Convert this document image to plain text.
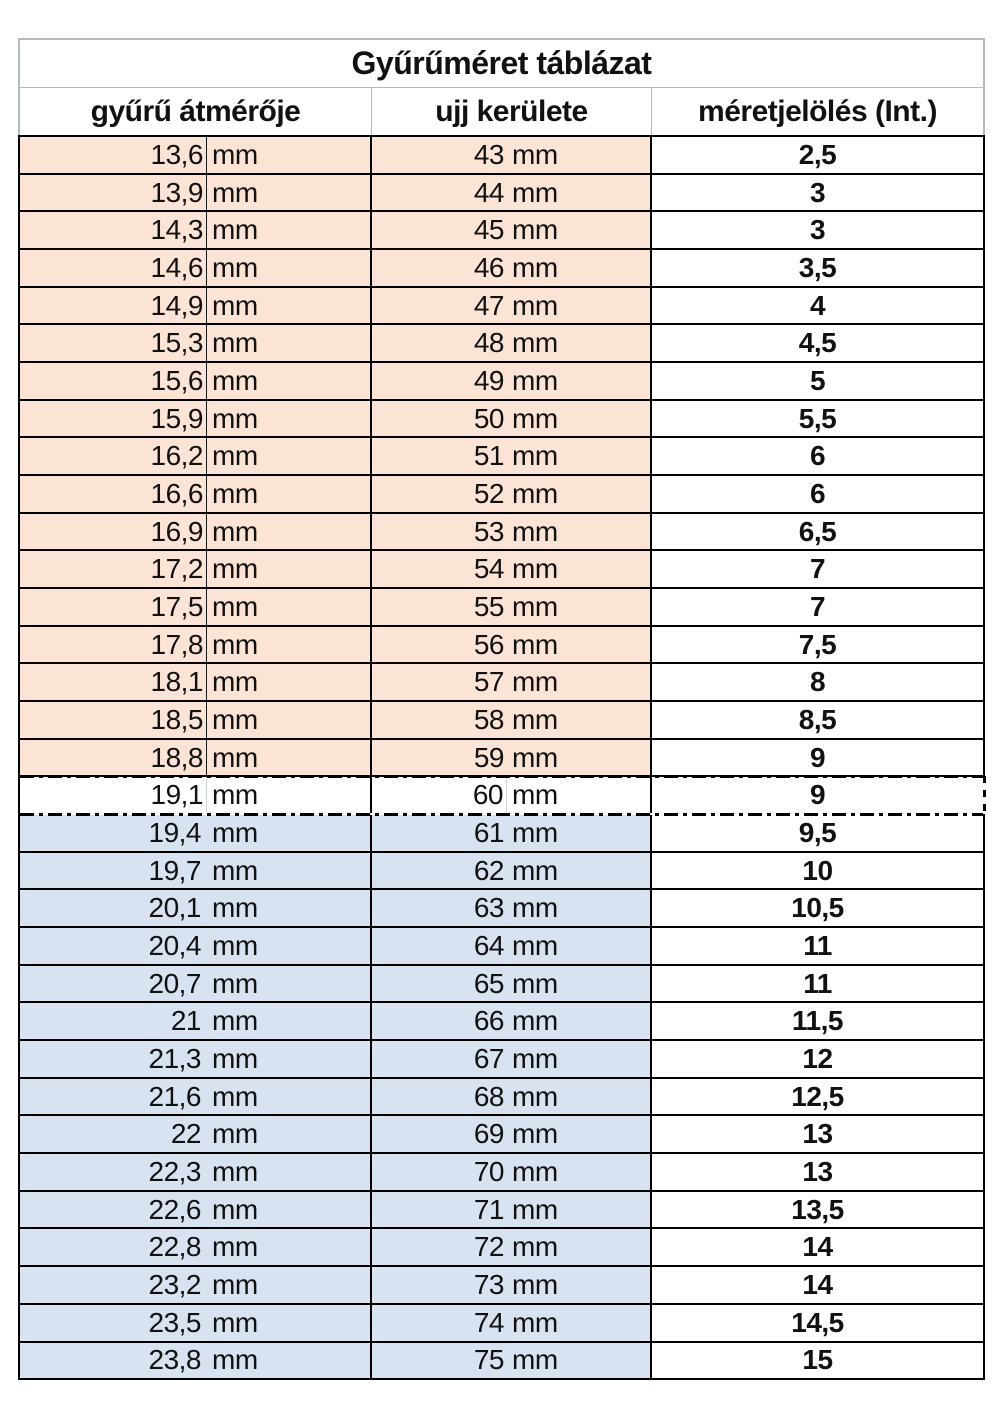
Gyűrűméret táblázat
gyűrű átmérője	ujj kerülete	méretjelölés (Int.)
13,6 mm	43 mm	2,5
13,9 mm	44 mm	3
14,3 mm	45 mm	3
14,6 mm	46 mm	3,5
14,9 mm	47 mm	4
15,3 mm	48 mm	4,5
15,6 mm	49 mm	5
15,9 mm	50 mm	5,5
16,2 mm	51 mm	6
16,6 mm	52 mm	6
16,9 mm	53 mm	6,5
17,2 mm	54 mm	7
17,5 mm	55 mm	7
17,8 mm	56 mm	7,5
18,1 mm	57 mm	8
18,5 mm	58 mm	8,5
18,8 mm	59 mm	9
19,1 mm	60 mm	9
19,4 mm	61 mm	9,5
19,7 mm	62 mm	10
20,1 mm	63 mm	10,5
20,4 mm	64 mm	11
20,7 mm	65 mm	11
21 mm	66 mm	11,5
21,3 mm	67 mm	12
21,6 mm	68 mm	12,5
22 mm	69 mm	13
22,3 mm	70 mm	13
22,6 mm	71 mm	13,5
22,8 mm	72 mm	14
23,2 mm	73 mm	14
23,5 mm	74 mm	14,5
23,8 mm	75 mm	15
